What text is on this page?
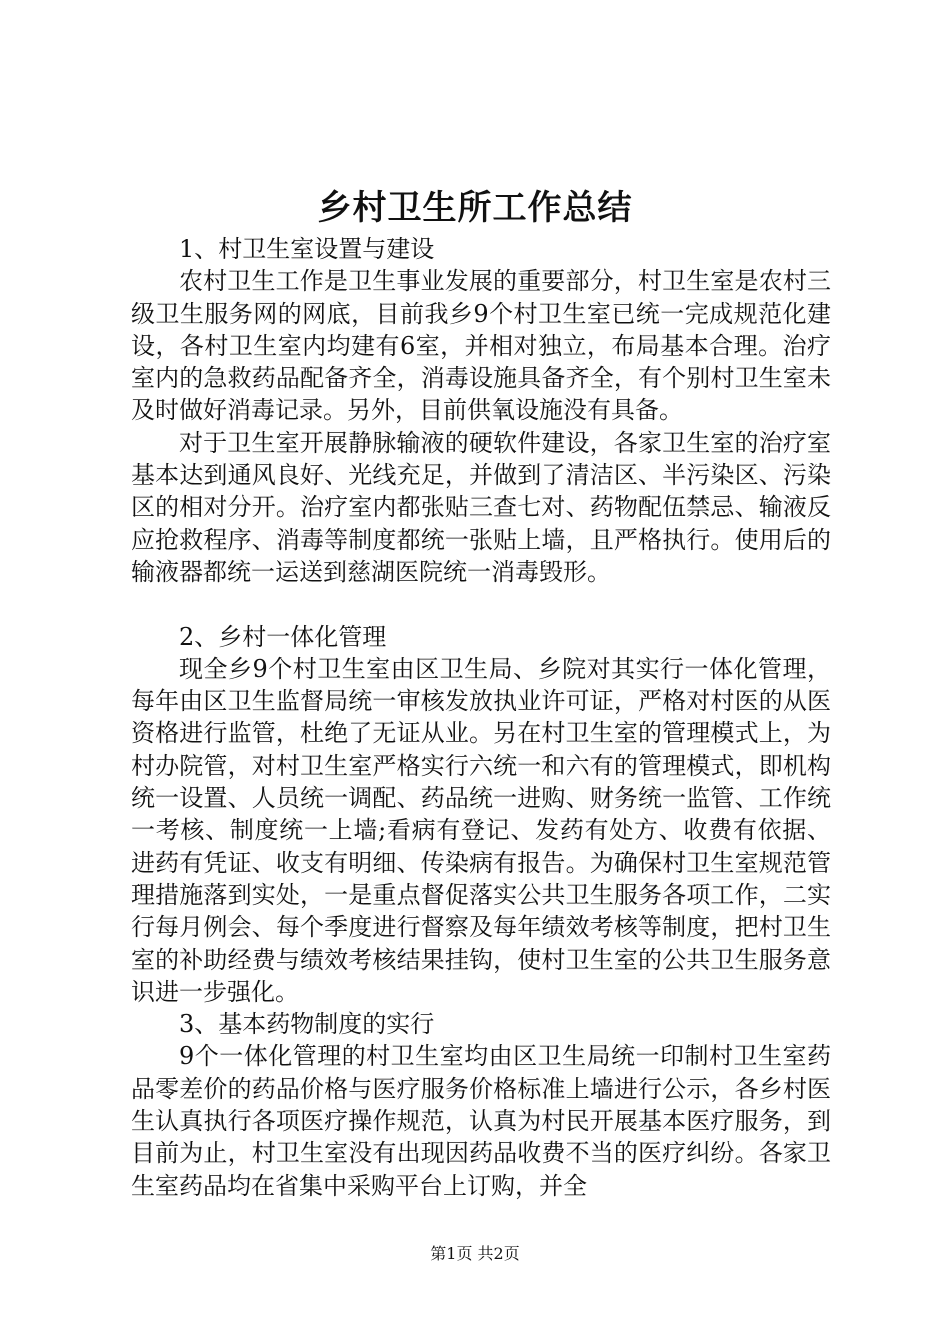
乡村卫生所工作总结

1、村卫生室设置与建设

农村卫生工作是卫生事业发展的重要部分，村卫生室是农村三级卫生服务网的网底，目前我乡9个村卫生室已统一完成规范化建设，各村卫生室内均建有6室，并相对独立，布局基本合理。治疗室内的急救药品配备齐全，消毒设施具备齐全，有个别村卫生室未及时做好消毒记录。另外，目前供氧设施没有具备。

对于卫生室开展静脉输液的硬软件建设，各家卫生室的治疗室基本达到通风良好、光线充足，并做到了清洁区、半污染区、污染区的相对分开。治疗室内都张贴三查七对、药物配伍禁忌、输液反应抢救程序、消毒等制度都统一张贴上墙，且严格执行。使用后的输液器都统一运送到慈湖医院统一消毒毁形。

2、乡村一体化管理

现全乡9个村卫生室由区卫生局、乡院对其实行一体化管理，每年由区卫生监督局统一审核发放执业许可证，严格对村医的从医资格进行监管，杜绝了无证从业。另在村卫生室的管理模式上，为村办院管，对村卫生室严格实行六统一和六有的管理模式，即机构统一设置、人员统一调配、药品统一进购、财务统一监管、工作统一考核、制度统一上墙;看病有登记、发药有处方、收费有依据、进药有凭证、收支有明细、传染病有报告。为确保村卫生室规范管理措施落到实处，一是重点督促落实公共卫生服务各项工作，二实行每月例会、每个季度进行督察及每年绩效考核等制度，把村卫生室的补助经费与绩效考核结果挂钩，使村卫生室的公共卫生服务意识进一步强化。

3、基本药物制度的实行

9个一体化管理的村卫生室均由区卫生局统一印制村卫生室药品零差价的药品价格与医疗服务价格标准上墙进行公示，各乡村医生认真执行各项医疗操作规范，认真为村民开展基本医疗服务，到目前为止，村卫生室没有出现因药品收费不当的医疗纠纷。各家卫生室药品均在省集中采购平台上订购，并全

第1页 共2页
